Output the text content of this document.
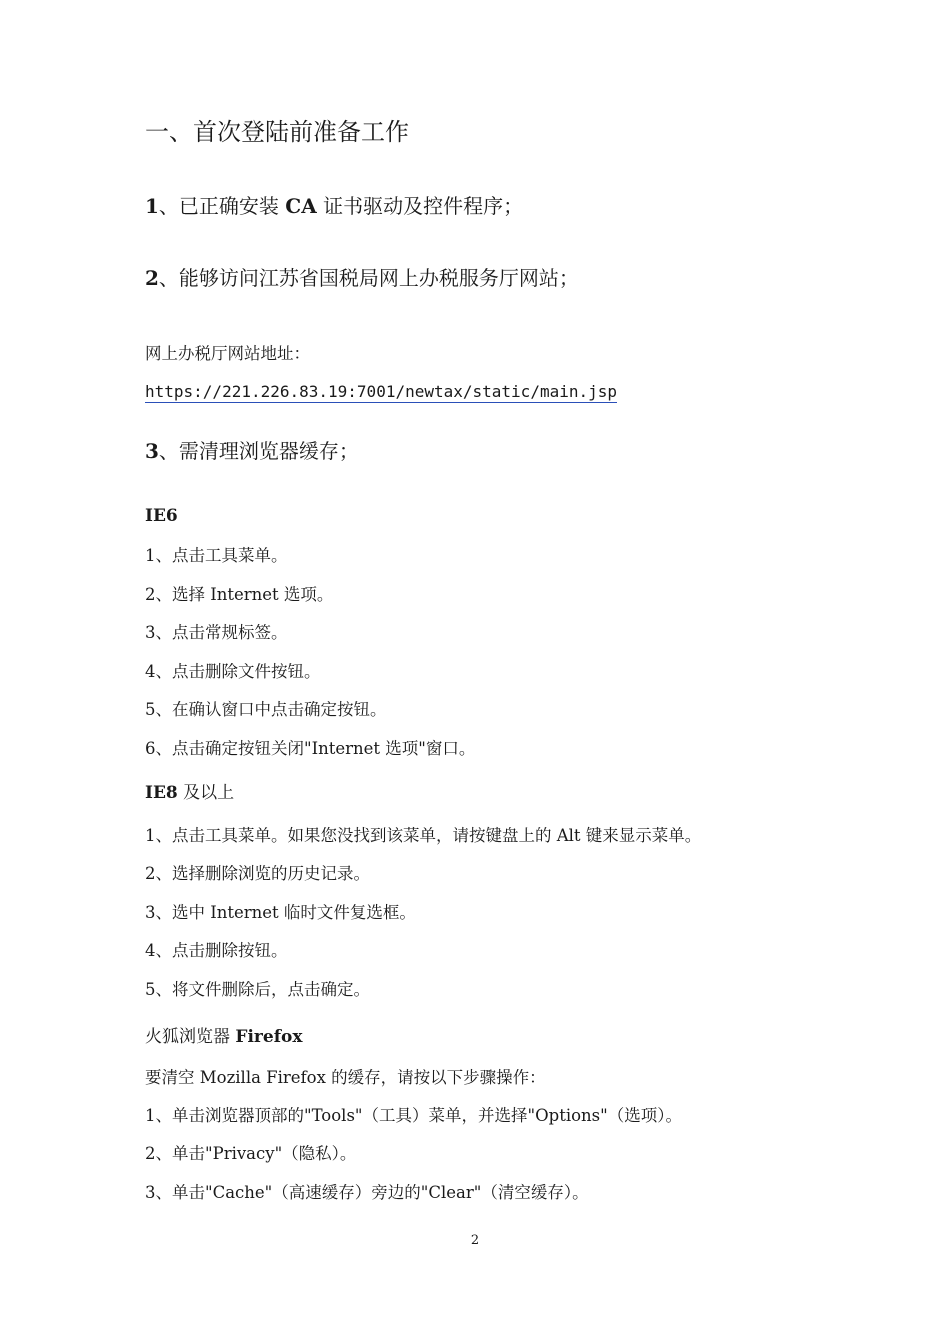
一、首次登陆前准备工作
1、已正确安装 CA 证书驱动及控件程序；
2、能够访问江苏省国税局网上办税服务厅网站；
网上办税厅网站地址：
https://221.226.83.19:7001/newtax/static/main.jsp
3、需清理浏览器缓存；
IE6
1、点击工具菜单。
2、选择 Internet 选项。
3、点击常规标签。
4、点击删除文件按钮。
5、在确认窗口中点击确定按钮。
6、点击确定按钮关闭"Internet 选项"窗口。
IE8 及以上
1、点击工具菜单。如果您没找到该菜单，请按键盘上的 Alt 键来显示菜单。
2、选择删除浏览的历史记录。
3、选中 Internet 临时文件复选框。
4、点击删除按钮。
5、将文件删除后，点击确定。
火狐浏览器 Firefox
要清空 Mozilla Firefox 的缓存，请按以下步骤操作：
1、单击浏览器顶部的"Tools"（工具）菜单，并选择"Options"（选项）。
2、单击"Privacy"（隐私）。
3、单击"Cache"（高速缓存）旁边的"Clear"（清空缓存）。
2
